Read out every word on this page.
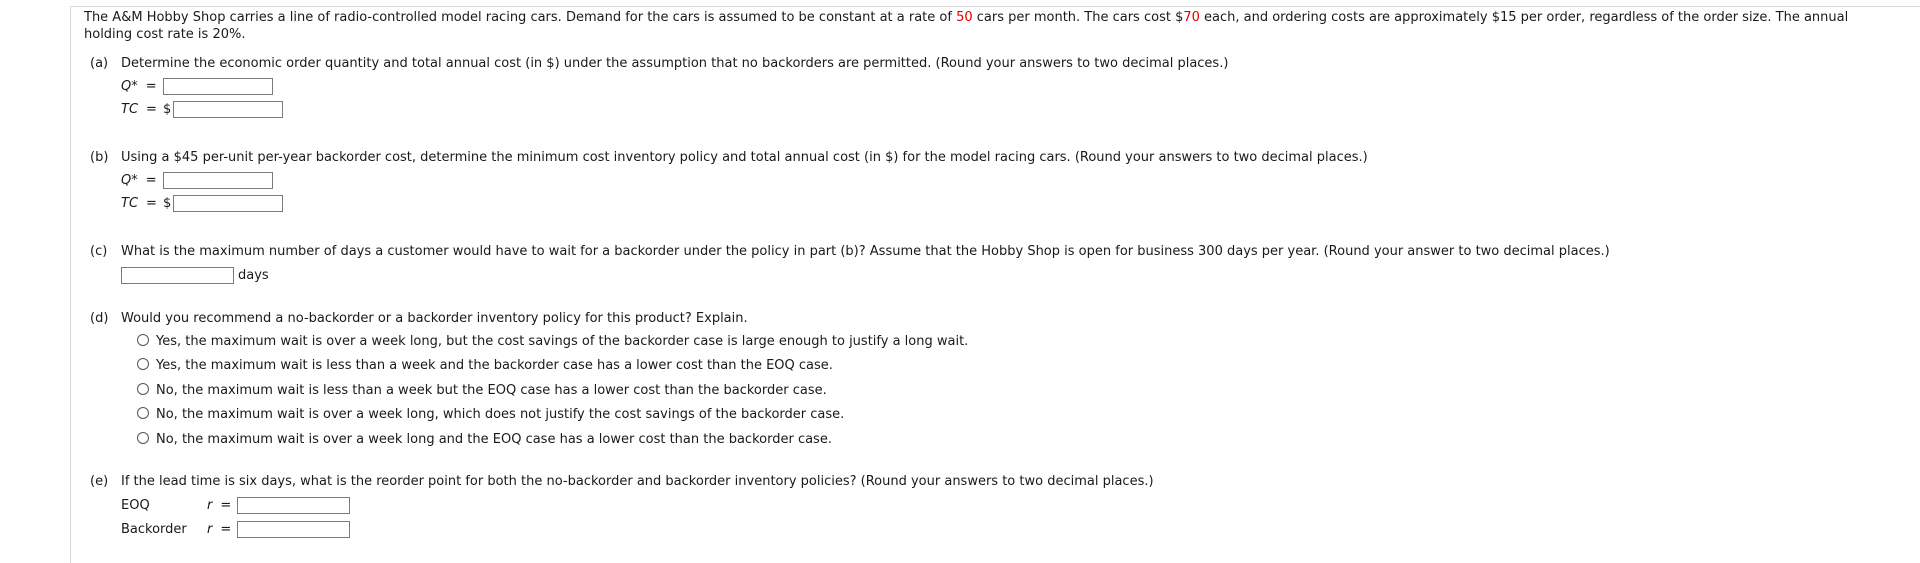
The A&M Hobby Shop carries a line of radio-controlled model racing cars. Demand for the cars is assumed to be constant at a rate of 50 cars per month. The cars cost $70 each, and ordering costs are approximately $15 per order, regardless of the order size. The annual holding cost rate is 20%.
(a) Determine the economic order quantity and total annual cost (in $) under the assumption that no backorders are permitted. (Round your answers to two decimal places.)
Q* =
TC = $
(b) Using a $45 per-unit per-year backorder cost, determine the minimum cost inventory policy and total annual cost (in $) for the model racing cars. (Round your answers to two decimal places.)
Q* =
TC = $
(c) What is the maximum number of days a customer would have to wait for a backorder under the policy in part (b)? Assume that the Hobby Shop is open for business 300 days per year. (Round your answer to two decimal places.)
days
(d) Would you recommend a no-backorder or a backorder inventory policy for this product? Explain.
Yes, the maximum wait is over a week long, but the cost savings of the backorder case is large enough to justify a long wait.
Yes, the maximum wait is less than a week and the backorder case has a lower cost than the EOQ case.
No, the maximum wait is less than a week but the EOQ case has a lower cost than the backorder case.
No, the maximum wait is over a week long, which does not justify the cost savings of the backorder case.
No, the maximum wait is over a week long and the EOQ case has a lower cost than the backorder case.
(e) If the lead time is six days, what is the reorder point for both the no-backorder and backorder inventory policies? (Round your answers to two decimal places.)
EOQ	r =
Backorder r =
